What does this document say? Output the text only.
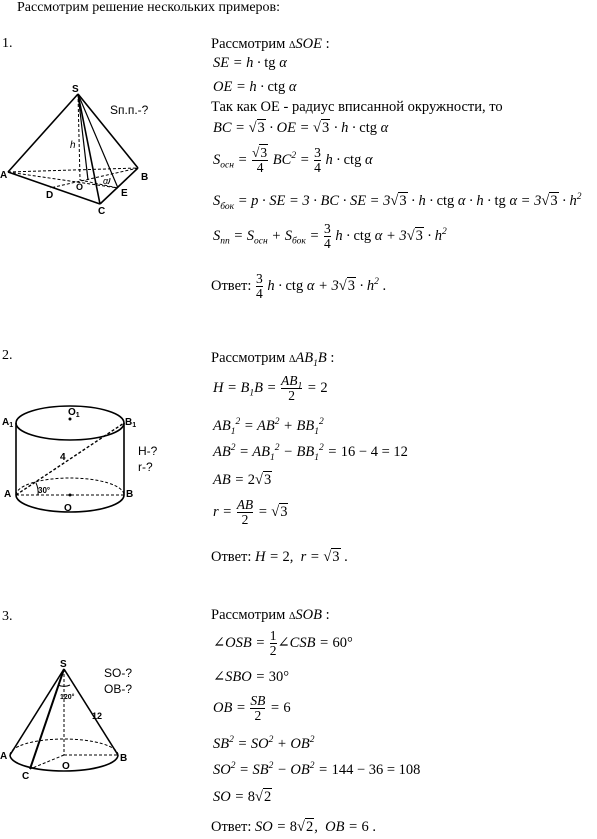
Рассмотрим решение нескольких примеров:
1.
S
A	B
C
D	E
O
h
α
Sп.п.-?
Рассмотрим ΔSOE :
SE = h · tg α
OE = h · ctg α
Так как OE - радиус вписанной окружности, то
BC = √3 · OE = √3 · h · ctg α
$S_{осн} = \frac{√3}{4} BC^2 = \frac{3}{4}$ h · ctg α
$S_{бок} = p$ · SE = 3 · BC · SE = 3√3 · h · ctg α · h · tg $\alpha = 3√3 \cdot h^2$
$S_{пп} = S_{осн} + S_{бок} = \frac{3}{4}$ h · ctg $\alpha + 3√3 \cdot h^2$
Ответ: $\frac{3}{4}$ h · ctg $\alpha + 3√3 \cdot h^2$ .
2.
$A_1$	$B_1$
$O_1$
A	B
O
4
30°
H-?
r-?
Рассмотрим $\Delta AB_1B$ :
$H = B_1B = \frac{AB_1}{2} = 2$
$AB_1^2 = AB^2 + BB_1^2$
$AB^2 = AB_1^2 - BB_1^2 = 16 - 4 = 12$
AB = 2√3
$r = \frac{AB}{2} = √3$
Ответ: H = 2,  r = √3 .
3.
S
A	B
C
O
120°
12
SO-?
OB-?
Рассмотрим ΔSOB :
∠OSB = $\frac{1}{2}$ ∠CSB = 60°
∠SBO = 30°
OB = $\frac{SB}{2} = 6$
$SB^2 = SO^2 + OB^2$
$SO^2 = SB^2 - OB^2 = 144 - 36 = 108$
SO = 8√2
Ответ: SO = 8√2,  OB = 6 .
